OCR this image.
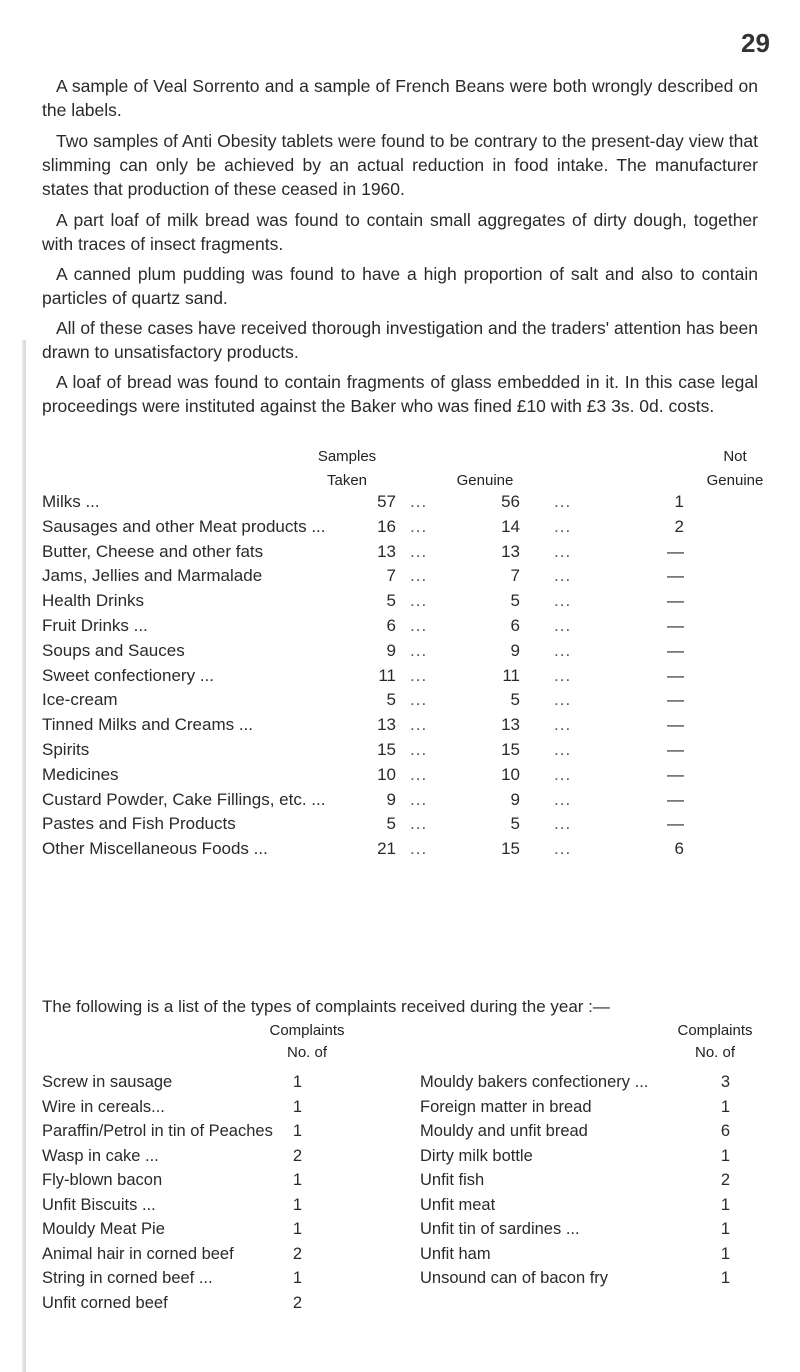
29

A sample of Veal Sorrento and a sample of French Beans were both wrongly described on the labels.

Two samples of Anti Obesity tablets were found to be contrary to the present-day view that slimming can only be achieved by an actual reduction in food intake. The manufacturer states that production of these ceased in 1960.

A part loaf of milk bread was found to contain small aggregates of dirty dough, together with traces of insect fragments.

A canned plum pudding was found to have a high proportion of salt and also to contain particles of quartz sand.

All of these cases have received thorough investigation and the traders' attention has been drawn to unsatisfactory products.

A loaf of bread was found to contain fragments of glass embedded in it. In this case legal proceedings were instituted against the Baker who was fined £10 with £3 3s. 0d. costs.

Samples
Taken
	Genuine
Not
Genuine
Milks ...	57 ...	56 ...	1
Sausages and other Meat products ...	16 ...	14 ...	2
Butter, Cheese and other fats	13 ...	13 ...	—
Jams, Jellies and Marmalade	7 ...	7 ...	—
Health Drinks	5 ...	5 ...	—
Fruit Drinks ...	6 ...	6 ...	—
Soups and Sauces	9 ...	9 ...	—
Sweet confectionery ...	11 ...	11 ...	—
Ice-cream	5 ...	5 ...	—
Tinned Milks and Creams ...	13 ...	13 ...	—
Spirits	15 ...	15 ...	—
Medicines	10 ...	10 ...	—
Custard Powder, Cake Fillings, etc. ...	9 ...	9 ...	—
Pastes and Fish Products	5 ...	5 ...	—
Other Miscellaneous Foods ...	21 ...	15 ...	6
The following is a list of the types of complaints received during the year :—
Complaints
No. of
Complaints
No. of
Screw in sausage	1
Wire in cereals...	1
Paraffin/Petrol in tin of Peaches	1
Wasp in cake ...	2
Fly-blown bacon	1
Unfit Biscuits ...	1
Mouldy Meat Pie	1
Animal hair in corned beef	2
String in corned beef ...	1
Unfit corned beef	2
Mouldy bakers confectionery ...	3
Foreign matter in bread	1
Mouldy and unfit bread	6
Dirty milk bottle	1
Unfit fish	2
Unfit meat	1
Unfit tin of sardines ...	1
Unfit ham	1
Unsound can of bacon fry	1
